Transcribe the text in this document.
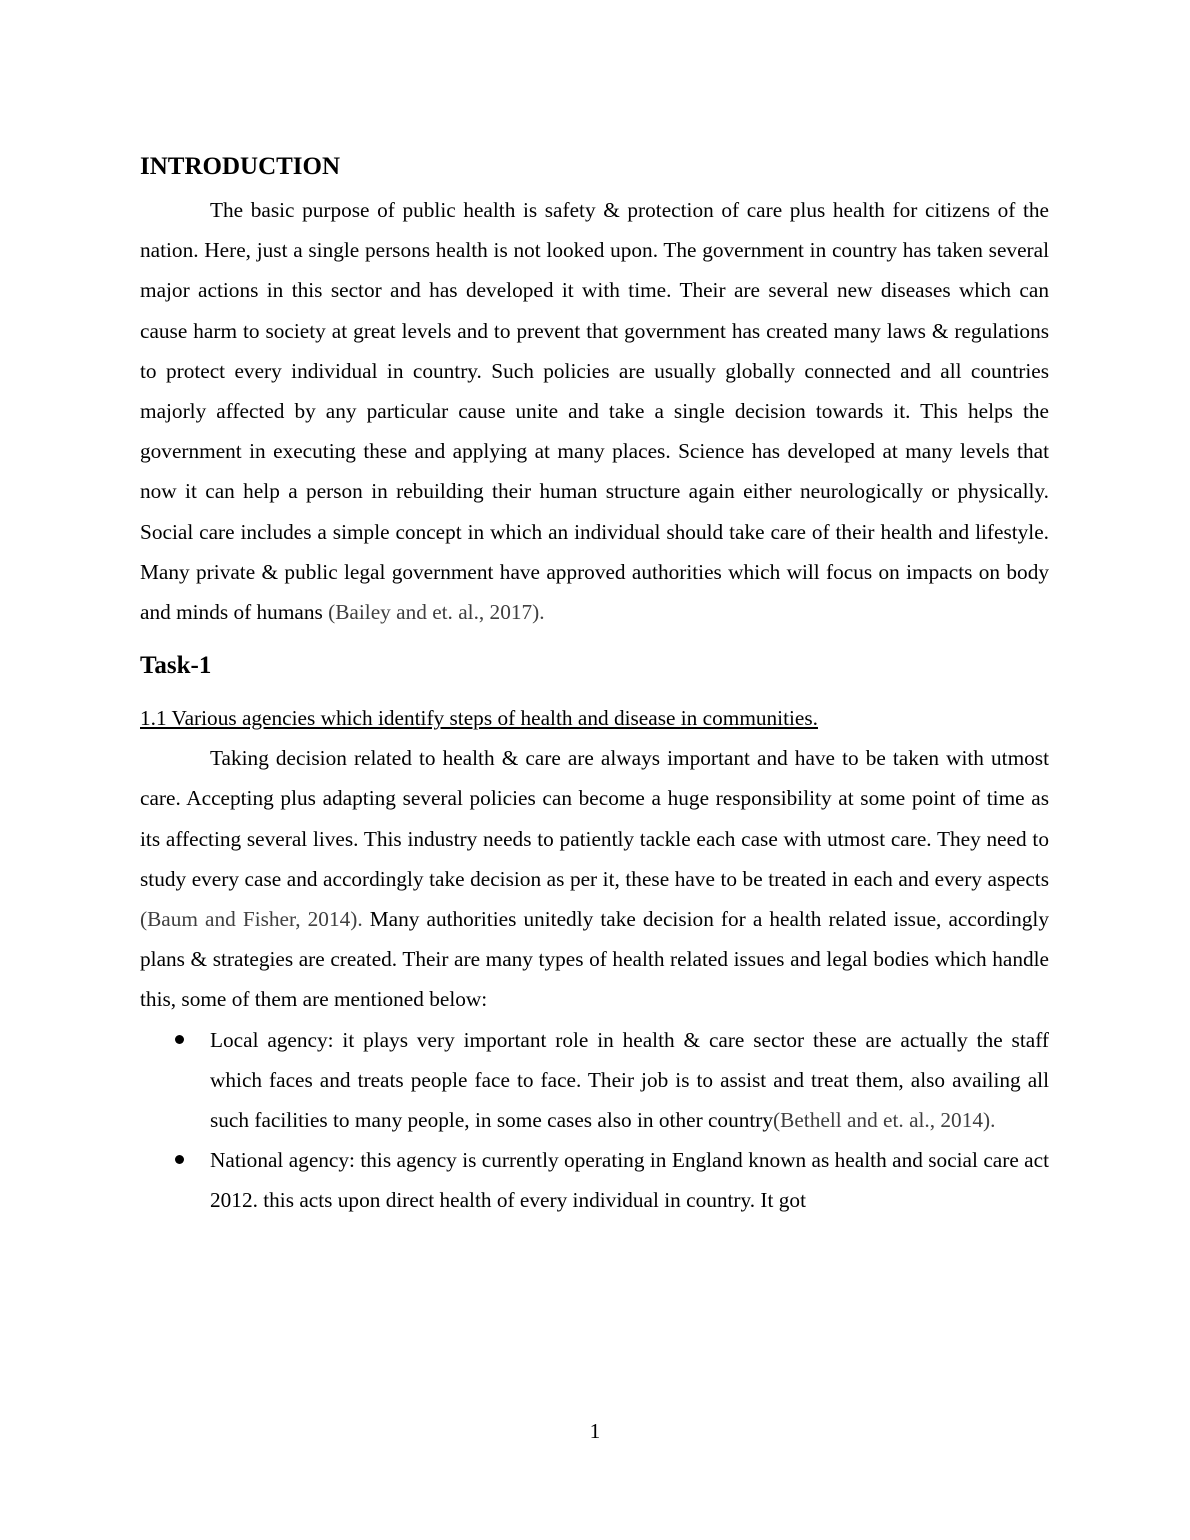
INTRODUCTION

The basic purpose of public health is safety & protection of care plus health for citizens of the nation. Here, just a single persons health is not looked upon. The government in country has taken several major actions in this sector and has developed it with time. Their are several new diseases which can cause harm to society at great levels and to prevent that government has created many laws & regulations to protect every individual in country. Such policies are usually globally connected and all countries majorly affected by any particular cause unite and take a single decision towards it. This helps the government in executing these and applying at many places. Science has developed at many levels that now it can help a person in rebuilding their human structure again either neurologically or physically. Social care includes a simple concept in which an individual should take care of their health and lifestyle. Many private & public legal government have approved authorities which will focus on impacts on body and minds of humans (Bailey and et. al., 2017).

Task-1

1.1 Various agencies which identify steps of health and disease in communities.

Taking decision related to health & care are always important and have to be taken with utmost care. Accepting plus adapting several policies can become a huge responsibility at some point of time as its affecting several lives. This industry needs to patiently tackle each case with utmost care. They need to study every case and accordingly take decision as per it, these have to be treated in each and every aspects (Baum and Fisher, 2014). Many authorities unitedly take decision for a health related issue, accordingly plans & strategies are created. Their are many types of health related issues and legal bodies which handle this, some of them are mentioned below:

Local agency: it plays very important role in health & care sector these are actually the staff which faces and treats people face to face. Their job is to assist and treat them, also availing all such facilities to many people, in some cases also in other country(Bethell and et. al., 2014).
National agency: this agency is currently operating in England known as health and social care act 2012. this acts upon direct health of every individual in country. It got
1
